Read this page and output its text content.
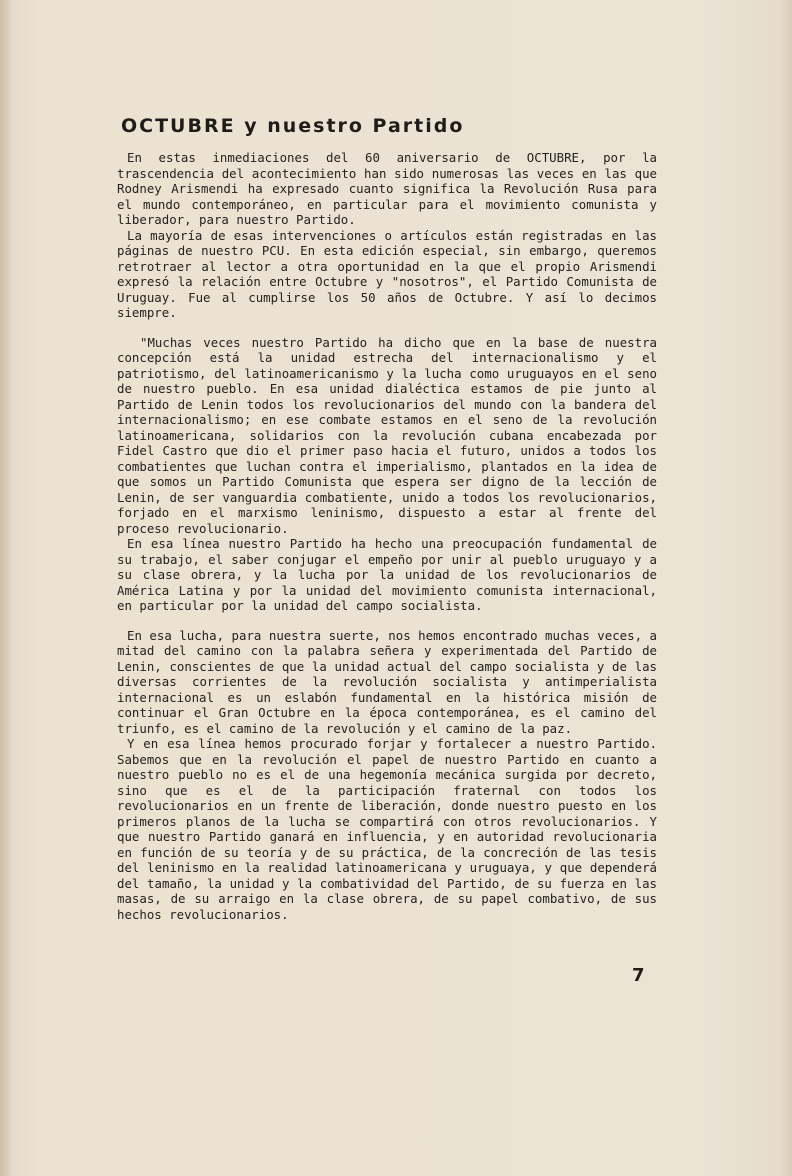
OCTUBRE y nuestro Partido

En estas inmediaciones del 60 aniversario de OCTUBRE, por la trascendencia del acontecimiento han sido numerosas las veces en las que Rodney Arismendi ha expresado cuanto significa la Revolución Rusa para el mundo contemporáneo, en particular para el movimiento comunista y liberador, para nuestro Partido.

La mayoría de esas intervenciones o artículos están registradas en las páginas de nuestro PCU. En esta edición especial, sin embargo, queremos retrotraer al lector a otra oportunidad en la que el propio Arismendi expresó la relación entre Octubre y "nosotros", el Partido Comunista de Uruguay. Fue al cumplirse los 50 años de Octubre. Y así lo decimos siempre.

"Muchas veces nuestro Partido ha dicho que en la base de nuestra concepción está la unidad estrecha del internacionalismo y el patriotismo, del latinoamericanismo y la lucha como uruguayos en el seno de nuestro pueblo. En esa unidad dialéctica estamos de pie junto al Partido de Lenin todos los revolucionarios del mundo con la bandera del internacionalismo; en ese combate estamos en el seno de la revolución latinoamericana, solidarios con la revolución cubana encabezada por Fidel Castro que dio el primer paso hacia el futuro, unidos a todos los combatientes que luchan contra el imperialismo, plantados en la idea de que somos un Partido Comunista que espera ser digno de la lección de Lenin, de ser vanguardia combatiente, unido a todos los revolucionarios, forjado en el marxismo leninismo, dispuesto a estar al frente del proceso revolucionario.

En esa línea nuestro Partido ha hecho una preocupación fundamental de su trabajo, el saber conjugar el empeño por unir al pueblo uruguayo y a su clase obrera, y la lucha por la unidad de los revolucionarios de América Latina y por la unidad del movimiento comunista internacional, en particular por la unidad del campo socialista.

En esa lucha, para nuestra suerte, nos hemos encontrado muchas veces, a mitad del camino con la palabra señera y experimentada del Partido de Lenin, conscientes de que la unidad actual del campo socialista y de las diversas corrientes de la revolución socialista y antimperialista internacional es un eslabón fundamental en la histórica misión de continuar el Gran Octubre en la época contemporánea, es el camino del triunfo, es el camino de la revolución y el camino de la paz.

Y en esa línea hemos procurado forjar y fortalecer a nuestro Partido. Sabemos que en la revolución el papel de nuestro Partido en cuanto a nuestro pueblo no es el de una hegemonía mecánica surgida por decreto, sino que es el de la participación fraternal con todos los revolucionarios en un frente de liberación, donde nuestro puesto en los primeros planos de la lucha se compartirá con otros revolucionarios. Y que nuestro Partido ganará en influencia, y en autoridad revolucionaria en función de su teoría y de su práctica, de la concreción de las tesis del leninismo en la realidad latinoamericana y uruguaya, y que dependerá del tamaño, la unidad y la combatividad del Partido, de su fuerza en las masas, de su arraigo en la clase obrera, de su papel combativo, de sus hechos revolucionarios.

7
